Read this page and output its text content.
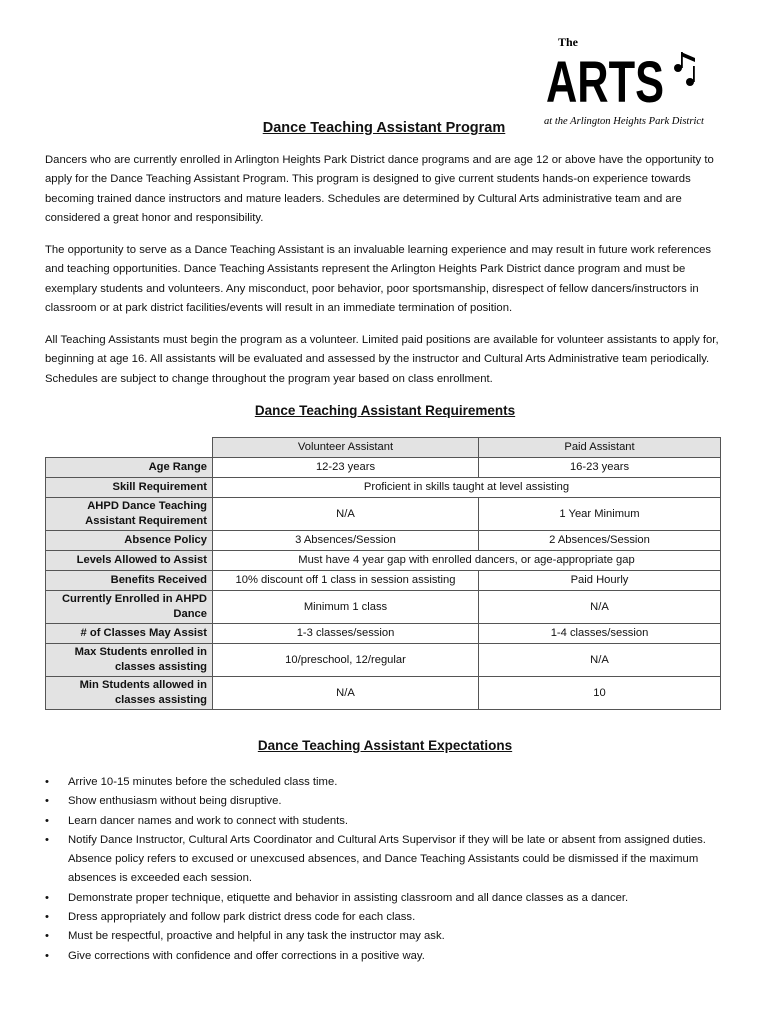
The
ARTS
at the Arlington Heights Park District
Dance Teaching Assistant Program

Dancers who are currently enrolled in Arlington Heights Park District dance programs and are age 12 or above have the opportunity to apply for the Dance Teaching Assistant Program. This program is designed to give current students hands-on experience towards becoming trained dance instructors and mature leaders. Schedules are determined by Cultural Arts administrative team and are considered a great honor and responsibility.

The opportunity to serve as a Dance Teaching Assistant is an invaluable learning experience and may result in future work references and teaching opportunities. Dance Teaching Assistants represent the Arlington Heights Park District dance program and must be exemplary students and volunteers. Any misconduct, poor behavior, poor sportsmanship, disrespect of fellow dancers/instructors in classroom or at park district facilities/events will result in an immediate termination of position.

All Teaching Assistants must begin the program as a volunteer. Limited paid positions are available for volunteer assistants to apply for, beginning at age 16. All assistants will be evaluated and assessed by the instructor and Cultural Arts Administrative team periodically. Schedules are subject to change throughout the program year based on class enrollment.

Dance Teaching Assistant Requirements
	Volunteer Assistant	Paid Assistant
Age Range	12-23 years	16-23 years
Skill Requirement	Proficient in skills taught at level assisting	
AHPD Dance Teaching Assistant Requirement	N/A	1 Year Minimum
Absence Policy	3 Absences/Session	2 Absences/Session
Levels Allowed to Assist	Must have 4 year gap with enrolled dancers, or age-appropriate gap	
Benefits Received	10% discount off 1 class in session assisting	Paid Hourly
Currently Enrolled in AHPD Dance	Minimum 1 class	N/A
# of Classes May Assist	1-3 classes/session	1-4 classes/session
Max Students enrolled in classes assisting	10/preschool, 12/regular	N/A
Min Students allowed in classes assisting	N/A	10
Dance Teaching Assistant Expectations
• Arrive 10-15 minutes before the scheduled class time.
• Show enthusiasm without being disruptive.
• Learn dancer names and work to connect with students.
• Notify Dance Instructor, Cultural Arts Coordinator and Cultural Arts Supervisor if they will be late or absent from assigned duties. Absence policy refers to excused or unexcused absences, and Dance Teaching Assistants could be dismissed if the maximum absences is exceeded each session.
• Demonstrate proper technique, etiquette and behavior in assisting classroom and all dance classes as a dancer.
• Dress appropriately and follow park district dress code for each class.
• Must be respectful, proactive and helpful in any task the instructor may ask.
• Give corrections with confidence and offer corrections in a positive way.
